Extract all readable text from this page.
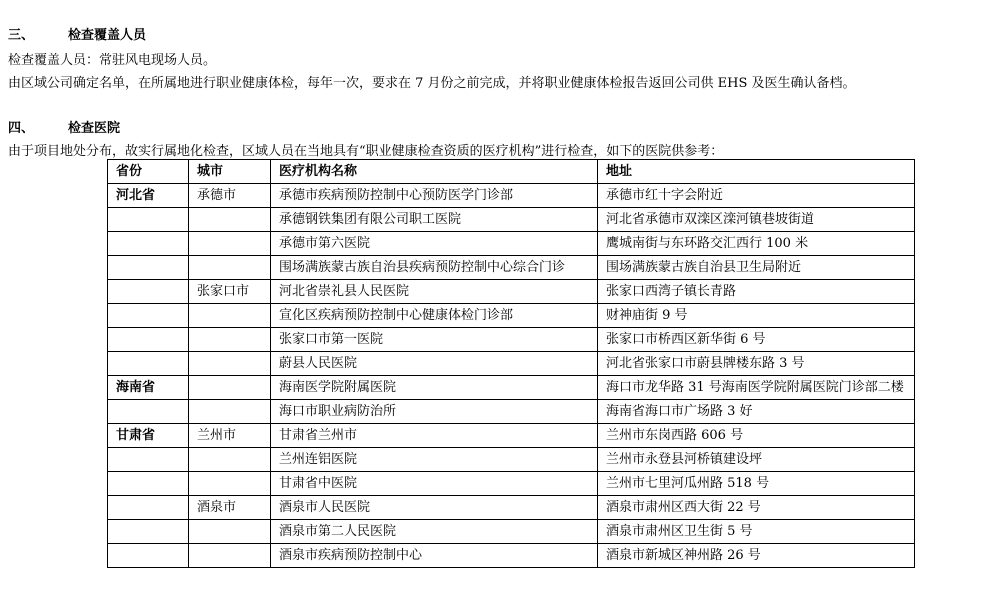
三、	检查覆盖人员
检查覆盖人员：常驻风电现场人员。
由区域公司确定名单，在所属地进行职业健康体检，每年一次，要求在 7 月份之前完成，并将职业健康体检报告返回公司供 EHS 及医生确认备档。
四、	检查医院
由于项目地处分布，故实行属地化检查，区域人员在当地具有“职业健康检查资质的医疗机构”进行检查，如下的医院供参考：
省份	城市	医疗机构名称	地址
河北省	承德市	承德市疾病预防控制中心预防医学门诊部	承德市红十字会附近
		承德钢铁集团有限公司职工医院	河北省承德市双滦区滦河镇巷坡街道
		承德市第六医院	鹰城南街与东环路交汇西行 100 米
		围场满族蒙古族自治县疾病预防控制中心综合门诊	围场满族蒙古族自治县卫生局附近
	张家口市	河北省崇礼县人民医院	张家口西湾子镇长青路
		宣化区疾病预防控制中心健康体检门诊部	财神庙街 9 号
		张家口市第一医院	张家口市桥西区新华街 6 号
		蔚县人民医院	河北省张家口市蔚县牌楼东路 3 号
海南省		海南医学院附属医院	海口市龙华路 31 号海南医学院附属医院门诊部二楼
		海口市职业病防治所	海南省海口市广场路 3 好
甘肃省	兰州市	甘肃省兰州市	兰州市东岗西路 606 号
		兰州连铝医院	兰州市永登县河桥镇建设坪
		甘肃省中医院	兰州市七里河瓜州路 518 号
	酒泉市	酒泉市人民医院	酒泉市肃州区西大街 22 号
		酒泉市第二人民医院	酒泉市肃州区卫生街 5 号
		酒泉市疾病预防控制中心	酒泉市新城区神州路 26 号
